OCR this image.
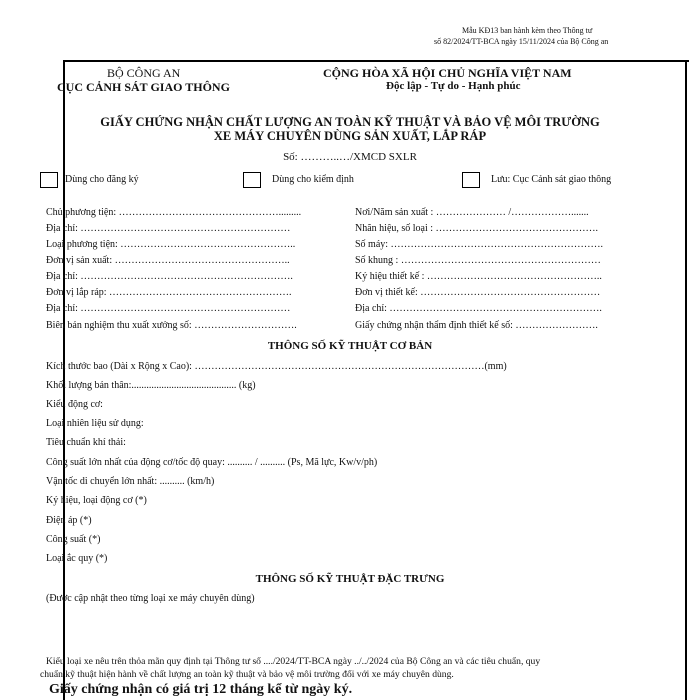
Mẫu KĐ13 ban hành kèm theo Thông tư
số 82/2024/TT-BCA ngày 15/11/2024 của Bộ Công an
BỘ CÔNG AN
CỤC CẢNH SÁT GIAO THÔNG
CỘNG HÒA XÃ HỘI CHỦ NGHĨA VIỆT NAM
Độc lập - Tự do - Hạnh phúc
GIẤY CHỨNG NHẬN CHẤT LƯỢNG AN TOÀN KỸ THUẬT VÀ BẢO VỆ MÔI TRƯỜNG
XE MÁY CHUYÊN DÙNG SẢN XUẤT, LẮP RÁP
Số: ………..…/XMCD SXLR
Dùng cho đăng ký	Dùng cho kiểm định	Lưu: Cục Cảnh sát giao thông
Chủ phương tiện: ………………………………………….........
Địa chỉ: ………………………………………………………
Loại phương tiện: ……………………………………………..
Đơn vị sản xuất: ……………………………………………..
Địa chỉ: ……………………………………………………….
Đơn vị lắp ráp: ……………………………………………….
Địa chỉ: ………………………………………………………
Biên bản nghiệm thu xuất xưởng số: ………………………….
Nơi/Năm sản xuất : ………………… /……………….......
Nhãn hiệu, số loại : ………………………………………….
Số máy: ……………………………………………………….
Số khung : ……………………………………………………
Ký hiệu thiết kế : ……………………………………………..
Đơn vị thiết kế: ………………………………………………
Địa chỉ: ……………………………………………………….
Giấy chứng nhận thẩm định thiết kế số: …………………….
THÔNG SỐ KỸ THUẬT CƠ BẢN
Kích thước bao (Dài x Rộng x Cao): ……………………………………………………………………………(mm)
Khối lượng bản thân:.......................................... (kg)
Kiểu động cơ:
Loại nhiên liệu sử dụng:
Tiêu chuẩn khí thải:
Công suất lớn nhất của động cơ/tốc độ quay: .......... / .......... (Ps, Mã lực, Kw/v/ph)
Vận tốc di chuyển lớn nhất: .......... (km/h)
Ký hiệu, loại động cơ (*)
Điện áp (*)
Công suất (*)
Loại ắc quy (*)
THÔNG SỐ KỸ THUẬT ĐẶC TRƯNG
(Được cập nhật theo từng loại xe máy chuyên dùng)
Kiểu loại xe nêu trên thỏa mãn quy định tại Thông tư số ..../2024/TT-BCA ngày ../../2024 của Bộ Công an và các tiêu chuẩn, quy
chuẩn kỹ thuật hiện hành về chất lượng an toàn kỹ thuật và bảo vệ môi trường đối với xe máy chuyên dùng.
Giấy chứng nhận có giá trị 12 tháng kể từ ngày ký.
